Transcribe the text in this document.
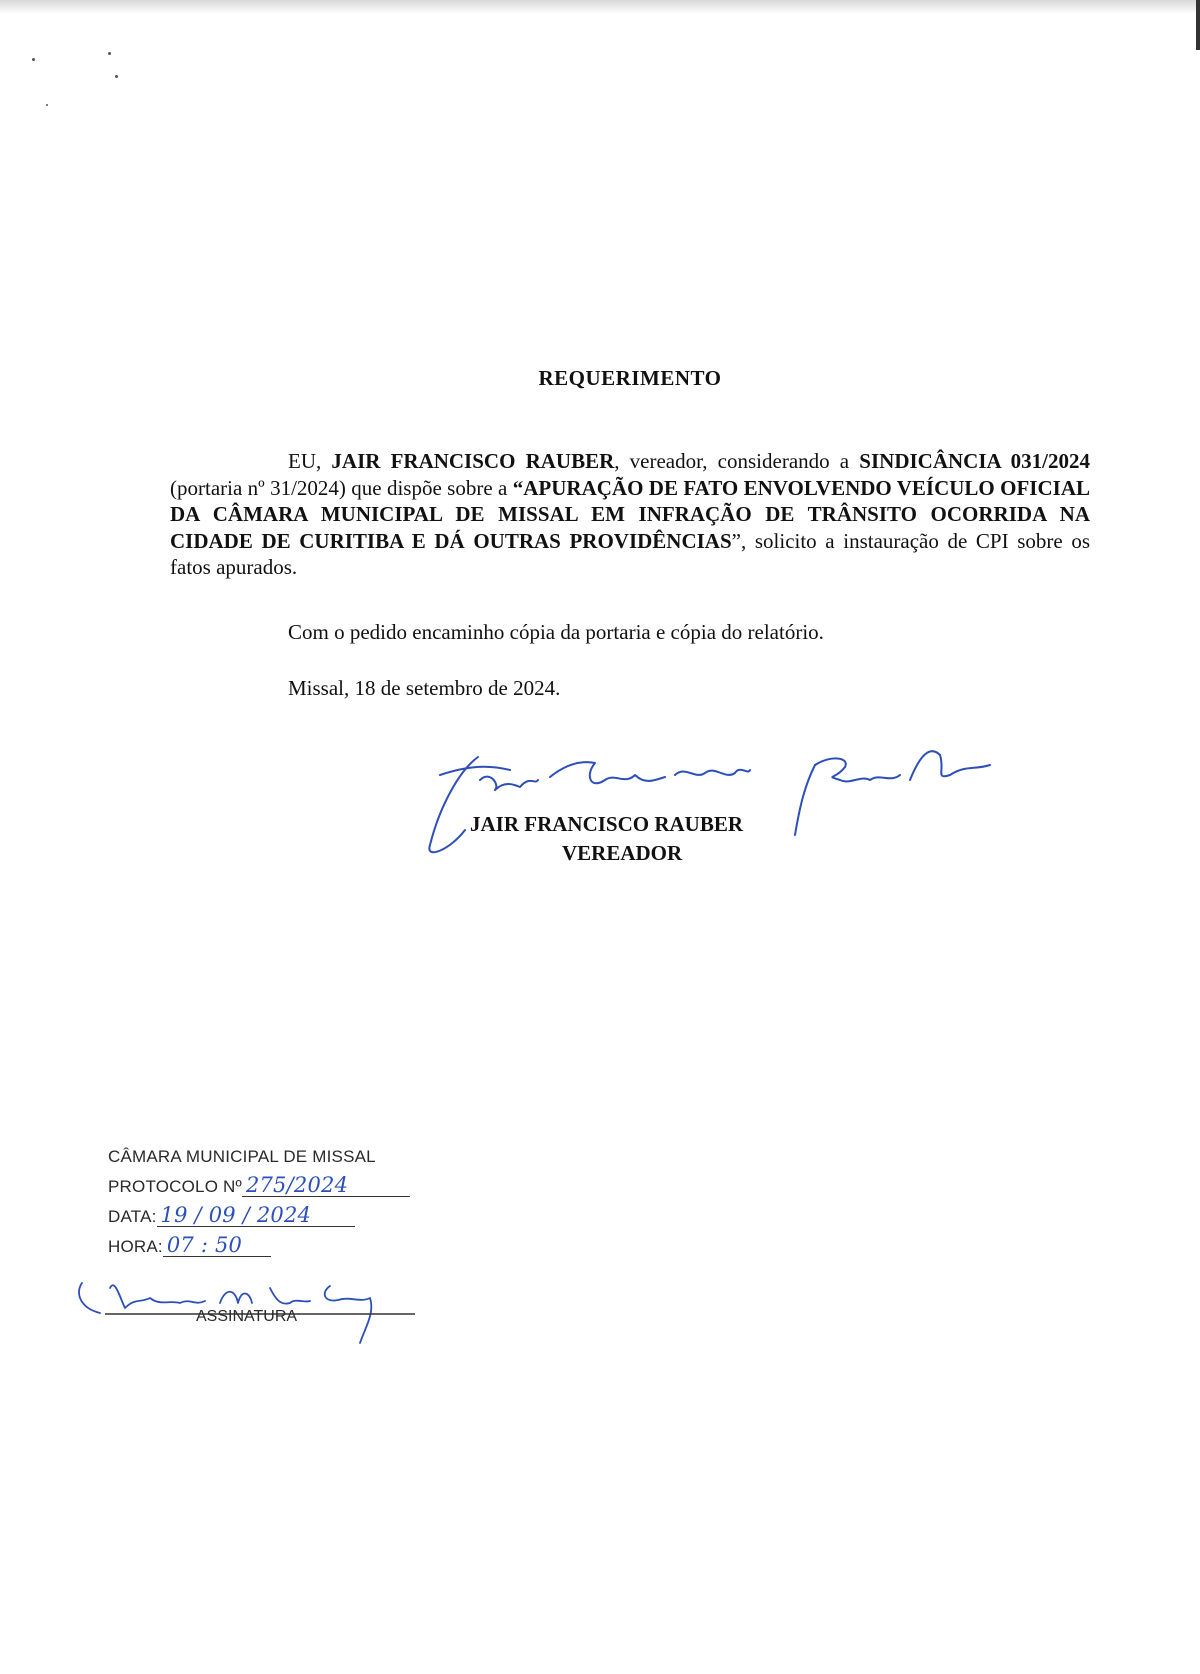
REQUERIMENTO
EU, JAIR FRANCISCO RAUBER, vereador, considerando a SINDICÂNCIA 031/2024 (portaria nº 31/2024) que dispõe sobre a “APURAÇÃO DE FATO ENVOLVENDO VEÍCULO OFICIAL DA CÂMARA MUNICIPAL DE MISSAL EM INFRAÇÃO DE TRÂNSITO OCORRIDA NA CIDADE DE CURITIBA E DÁ OUTRAS PROVIDÊNCIAS”, solicito a instauração de CPI sobre os fatos apurados.
Com o pedido encaminho cópia da portaria e cópia do relatório.
Missal, 18 de setembro de 2024.
JAIR FRANCISCO RAUBER
VEREADOR
CÂMARA MUNICIPAL DE MISSAL
PROTOCOLO Nº 275/2024
DATA: 19 / 09 / 2024
HORA: 07 : 50
ASSINATURA
